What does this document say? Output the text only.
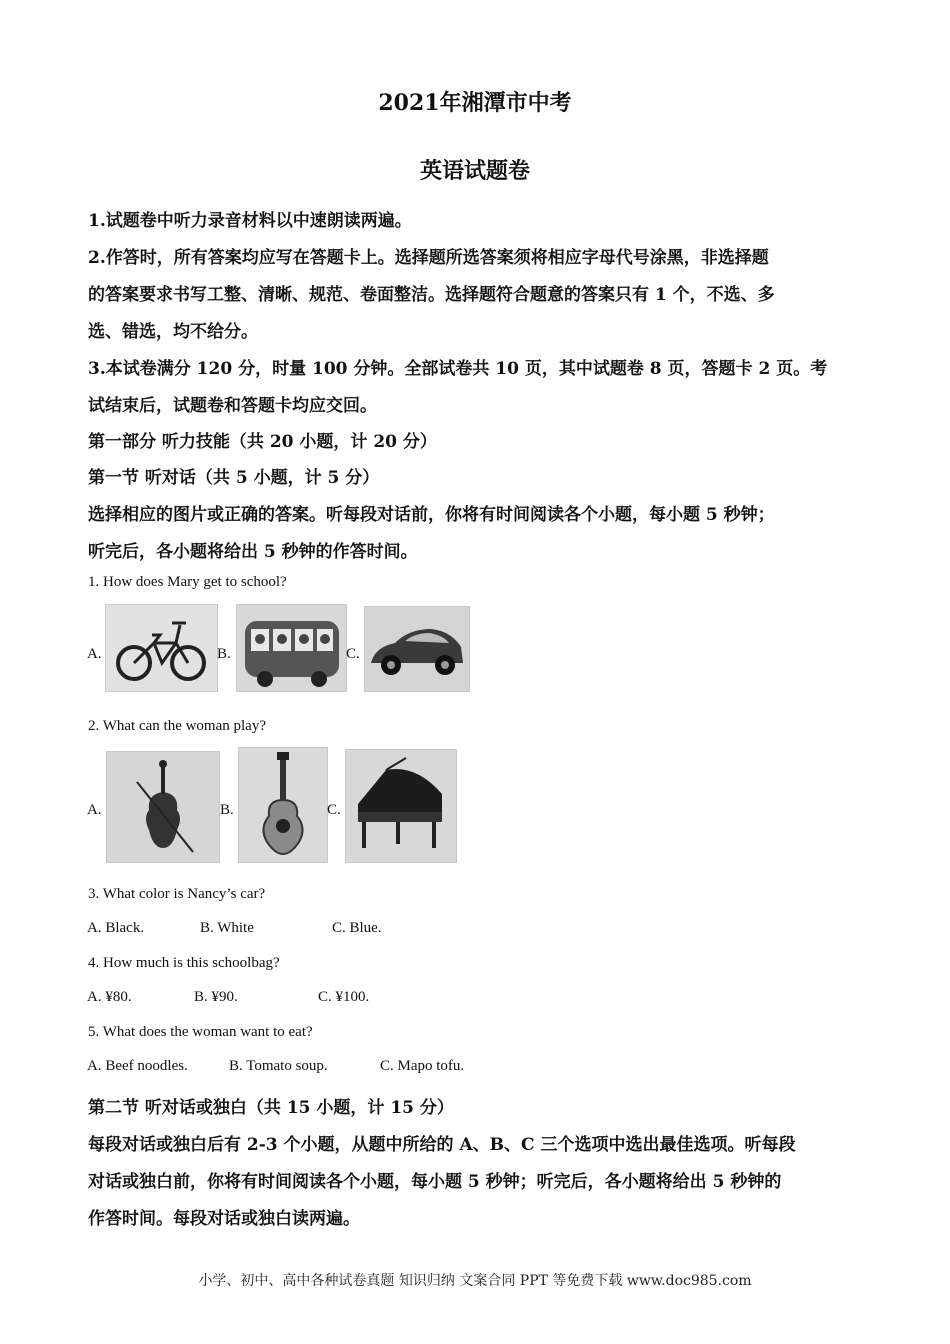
2021年湘潭市中考
英语试题卷
1.试题卷中听力录音材料以中速朗读两遍。
2.作答时，所有答案均应写在答题卡上。选择题所选答案须将相应字母代号涂黑，非选择题
的答案要求书写工整、清晰、规范、卷面整洁。选择题符合题意的答案只有 1 个，不选、多
选、错选，均不给分。
3.本试卷满分 120 分，时量 100 分钟。全部试卷共 10 页，其中试题卷 8 页，答题卡 2 页。考
试结束后，试题卷和答题卡均应交回。
第一部分 听力技能（共 20 小题，计 20 分）
第一节 听对话（共 5 小题，计 5 分）
选择相应的图片或正确的答案。听每段对话前，你将有时间阅读各个小题，每小题 5 秒钟；
听完后，各小题将给出 5 秒钟的作答时间。
1. How does Mary get to school?
A.	B.	C.
2. What can the woman play?
A.	B.	C.
3. What color is Nancy’s car?
A. Black.	B. White	C. Blue.
4. How much is this schoolbag?
A. ¥80.	B. ¥90.	C. ¥100.
5. What does the woman want to eat?
A. Beef noodles.	B. Tomato soup.	C. Mapo tofu.
第二节 听对话或独白（共 15 小题，计 15 分）
每段对话或独白后有 2-3 个小题，从题中所给的 A、B、C 三个选项中选出最佳选项。听每段
对话或独白前，你将有时间阅读各个小题，每小题 5 秒钟；听完后，各小题将给出 5 秒钟的
作答时间。每段对话或独白读两遍。
小学、初中、高中各种试卷真题 知识归纳 文案合同 PPT 等免费下载 www.doc985.com
